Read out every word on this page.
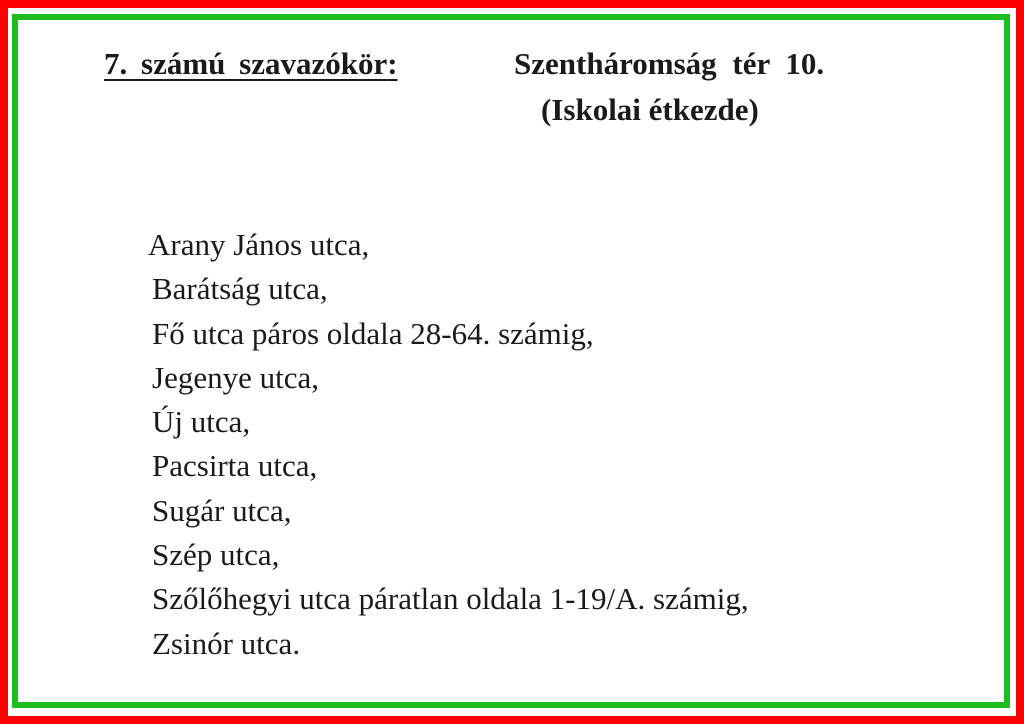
7. számú szavazókör:	Szentháromság tér 10.
(Iskolai étkezde)
Arany János utca,
Barátság utca,
Fő utca páros oldala 28-64. számig,
Jegenye utca,
Új utca,
Pacsirta utca,
Sugár utca,
Szép utca,
Szőlőhegyi utca páratlan oldala 1-19/A. számig,
Zsinór utca.
